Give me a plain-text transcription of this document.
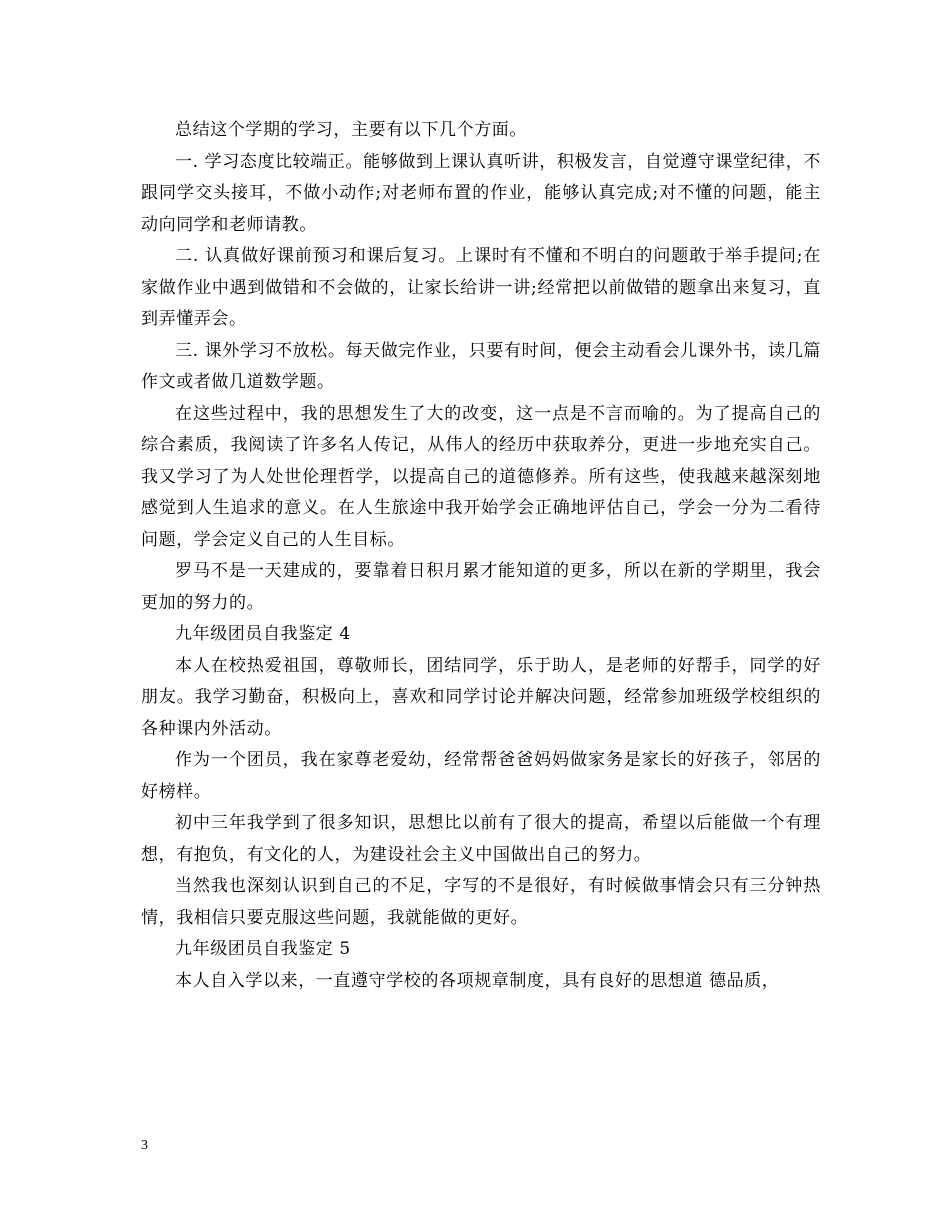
总结这个学期的学习，主要有以下几个方面。

一. 学习态度比较端正。能够做到上课认真听讲，积极发言，自觉遵守课堂纪律，不跟同学交头接耳，不做小动作;对老师布置的作业，能够认真完成;对不懂的问题，能主动向同学和老师请教。

二. 认真做好课前预习和课后复习。上课时有不懂和不明白的问题敢于举手提问;在家做作业中遇到做错和不会做的，让家长给讲一讲;经常把以前做错的题拿出来复习，直到弄懂弄会。

三. 课外学习不放松。每天做完作业，只要有时间，便会主动看会儿课外书，读几篇作文或者做几道数学题。

在这些过程中，我的思想发生了大的改变，这一点是不言而喻的。为了提高自己的综合素质，我阅读了许多名人传记，从伟人的经历中获取养分，更进一步地充实自己。我又学习了为人处世伦理哲学，以提高自己的道德修养。所有这些，使我越来越深刻地感觉到人生追求的意义。在人生旅途中我开始学会正确地评估自己，学会一分为二看待问题，学会定义自己的人生目标。

罗马不是一天建成的，要靠着日积月累才能知道的更多，所以在新的学期里，我会更加的努力的。

九年级团员自我鉴定 4

本人在校热爱祖国，尊敬师长，团结同学，乐于助人，是老师的好帮手，同学的好朋友。我学习勤奋，积极向上，喜欢和同学讨论并解决问题，经常参加班级学校组织的各种课内外活动。

作为一个团员，我在家尊老爱幼，经常帮爸爸妈妈做家务是家长的好孩子，邻居的好榜样。

初中三年我学到了很多知识，思想比以前有了很大的提高，希望以后能做一个有理想，有抱负，有文化的人，为建设社会主义中国做出自己的努力。

当然我也深刻认识到自己的不足，字写的不是很好，有时候做事情会只有三分钟热情，我相信只要克服这些问题，我就能做的更好。

九年级团员自我鉴定 5

本人自入学以来，一直遵守学校的各项规章制度，具有良好的思想道 德品质，

3
